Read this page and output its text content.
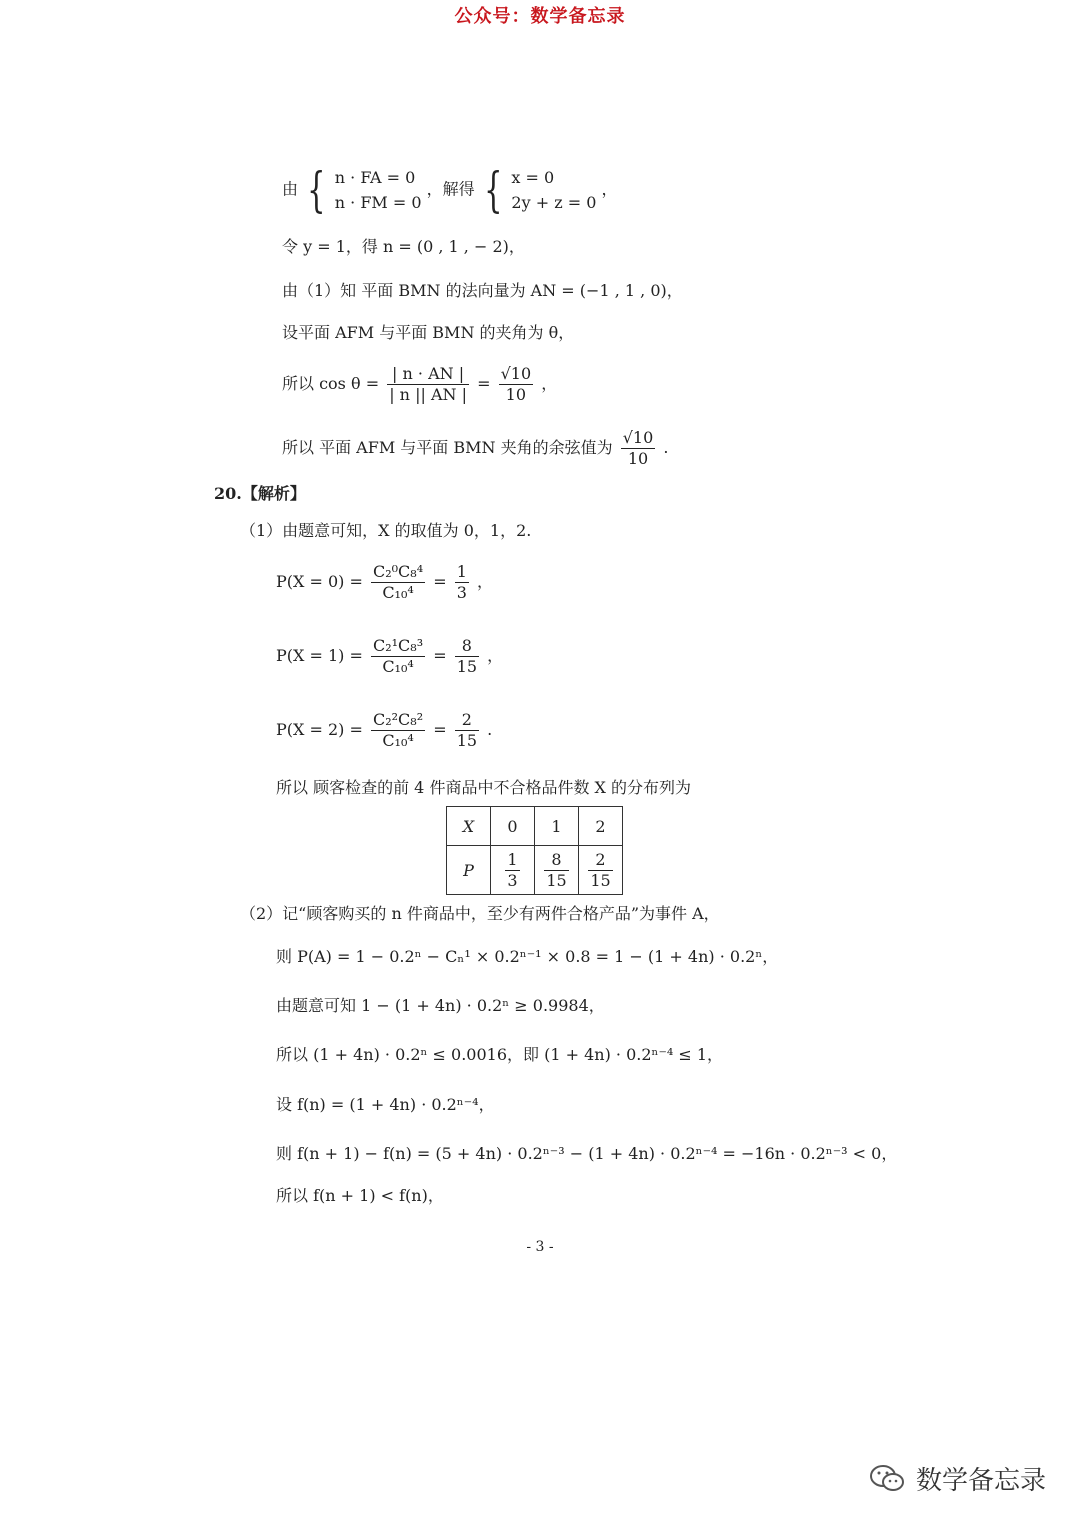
公众号：数学备忘录
由 { n · FA = 0
n · FM = 0
，解得 { x = 0
2y + z = 0
，
令 y = 1，得 n = (0 , 1 , − 2)，
由（1）知 平面 BMN 的法向量为 AN = (−1 , 1 , 0)，
设平面 AFM 与平面 BMN 的夹角为 θ，
所以 $\cos \theta = \frac{| n \cdot AN |}{| n || AN |} = \frac{√10}{10}$ ，
所以 平面 AFM 与平面 BMN 夹角的余弦值为 $\frac{√10}{10}$ .
20.【解析】
（1）由题意可知，X 的取值为 0，1，2.
$P(X = 0) = \frac{\text{C₂⁰C₈⁴}}{\text{C₁₀⁴}} = \frac{1}{3}$ ，
$P(X = 1) = \frac{\text{C₂¹C₈³}}{\text{C₁₀⁴}} = \frac{8}{15}$ ，
$P(X = 2) = \frac{\text{C₂²C₈²}}{\text{C₁₀⁴}} = \frac{2}{15}$ .
所以 顾客检查的前 4 件商品中不合格品件数 X 的分布列为
X	0	1	2
P	$\frac{1}{3}$	$\frac{8}{15}$	$\frac{2}{15}$
（2）记“顾客购买的 n 件商品中，至少有两件合格产品”为事件 A，
则 P(A) = 1 − 0.2ⁿ − Cₙ¹ × 0.2ⁿ⁻¹ × 0.8 = 1 − (1 + 4n) · 0.2ⁿ，
由题意可知 1 − (1 + 4n) · 0.2ⁿ ≥ 0.9984，
所以 (1 + 4n) · 0.2ⁿ ≤ 0.0016，即 (1 + 4n) · 0.2ⁿ⁻⁴ ≤ 1，
设 f(n) = (1 + 4n) · 0.2ⁿ⁻⁴，
则 f(n + 1) − f(n) = (5 + 4n) · 0.2ⁿ⁻³ − (1 + 4n) · 0.2ⁿ⁻⁴ = −16n · 0.2ⁿ⁻³ < 0，
所以 f(n + 1) < f(n)，
- 3 -
数学备忘录
